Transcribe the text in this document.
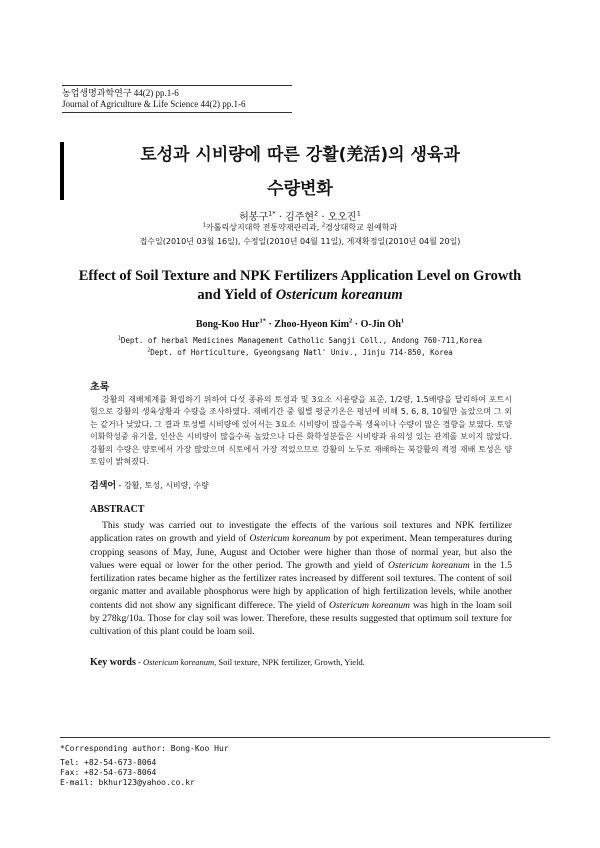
농업생명과학연구 44(2) pp.1-6
Journal of Agriculture & Life Science 44(2) pp.1-6
토성과 시비량에 따른 강활(羌活)의 생육과
수량변화
허봉구$^{1*}$ · 김주현$^2$ · 오오진$^1$
$^1$카톨릭상지대학 전통약재관리과, $^2$경상대학교 원예학과
접수일(2010년 03월 16일), 수정일(2010년 04월 11일), 게재확정일(2010년 04월 20일)
Effect of Soil Texture and NPK Fertilizers Application Level on Growth
and Yield of Ostericum koreanum
Bong-Koo Hur$^{1*}$ · Zhoo-Hyeon Kim$^2$ · O-Jin Oh$^1$
$^1$Dept. of herbal Medicines Management Catholic Sangji Coll., Andong 760-711,Korea
$^2$Dept. of Horticulture, Gyeongsang Natl' Univ., Jinju 714-850, Korea
초록
강활의 재배체계를 확립하기 위하여 다섯 종류의 토성과 및 3요소 시용량을 표준, 1/2량, 1.5배량을 달리하여 포트시험으로 강활의 생육상황과 수량을 조사하였다. 재배기간 중 월별 평균기온은 평년에 비해 5, 6, 8, 10월만 높았으며 그 외는 같거나 낮았다. 그 결과 토성별 시비량에 있어서는 3요소 시비량이 많을수록 생육이나 수량이 많은 경향을 보였다. 토양 이화학성중 유기물, 인산은 시비량이 많을수록 높았으나 다른 화학성분들은 시비량과 유의성 있는 관계를 보이지 않았다. 강활의 수량은 양토에서 가장 많았으며 식토에서 가장 적었으므로 강활의 노두로 재배하는 북강활의 적정 재배 토성은 양토임이 밝혀졌다.
검색어 - 강활, 토성, 시비량, 수량
ABSTRACT
This study was carried out to investigate the effects of the various soil textures and NPK fertilizer application rates on growth and yield of Ostericum koreanum by pot experiment. Mean temperatures during cropping seasons of May, June, August and October were higher than those of normal year, but also the values were equal or lower for the other period. The growth and yield of Ostericum koreanum in the 1.5 fertilization rates became higher as the fertilizer rates increased by different soil textures. The content of soil organic matter and available phosphorus were high by application of high fertilization levels, while another contents did not show any significant differece. The yield of Ostericum koreanum was high in the loam soil by 278kg/10a. Those for clay soil was lower. Therefore, these results suggested that optimum soil texture for cultivation of this plant could be loam soil.
Key words - Ostericum koreanum, Soil texture, NPK fertilizer, Growth, Yield.
*Corresponding author: Bong-Koo Hur
Tel: +82-54-673-8064
Fax: +82-54-673-8064
E-mail: bkhur123@yahoo.co.kr
